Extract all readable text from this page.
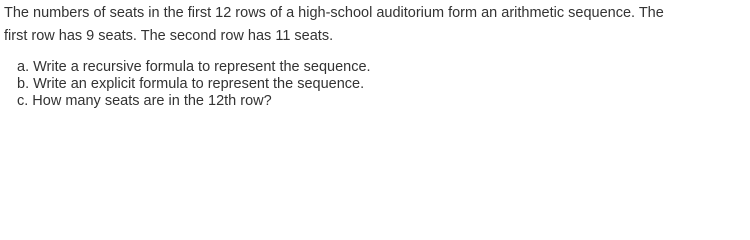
The numbers of seats in the first 12 rows of a high-school auditorium form an arithmetic sequence. The
first row has 9 seats. The second row has 11 seats.
a. Write a recursive formula to represent the sequence.
b. Write an explicit formula to represent the sequence.
c. How many seats are in the 12th row?
